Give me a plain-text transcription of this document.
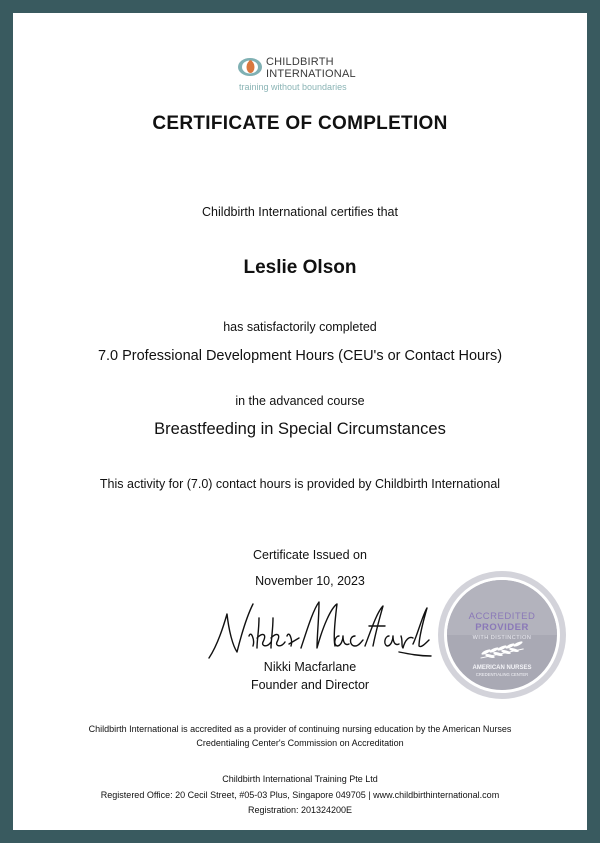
CHILDBIRTH
INTERNATIONAL
training without boundaries
CERTIFICATE OF COMPLETION
Childbirth International certifies that
Leslie Olson
has satisfactorily completed
7.0 Professional Development Hours (CEU's or Contact Hours)
in the advanced course
Breastfeeding in Special Circumstances
This activity for (7.0) contact hours is provided by Childbirth International
Certificate Issued on
November 10, 2023
Nikki Macfarlane
Founder and Director
ACCREDITED
PROVIDER
WITH DISTINCTION
AMERICAN NURSES
CREDENTIALING CENTER
Childbirth International is accredited as a provider of continuing nursing education by the American Nurses Credentialing Center's Commission on Accreditation
Childbirth International Training Pte Ltd
Registered Office: 20 Cecil Street, #05-03 Plus, Singapore 049705 | www.childbirthinternational.com
Registration: 201324200E
